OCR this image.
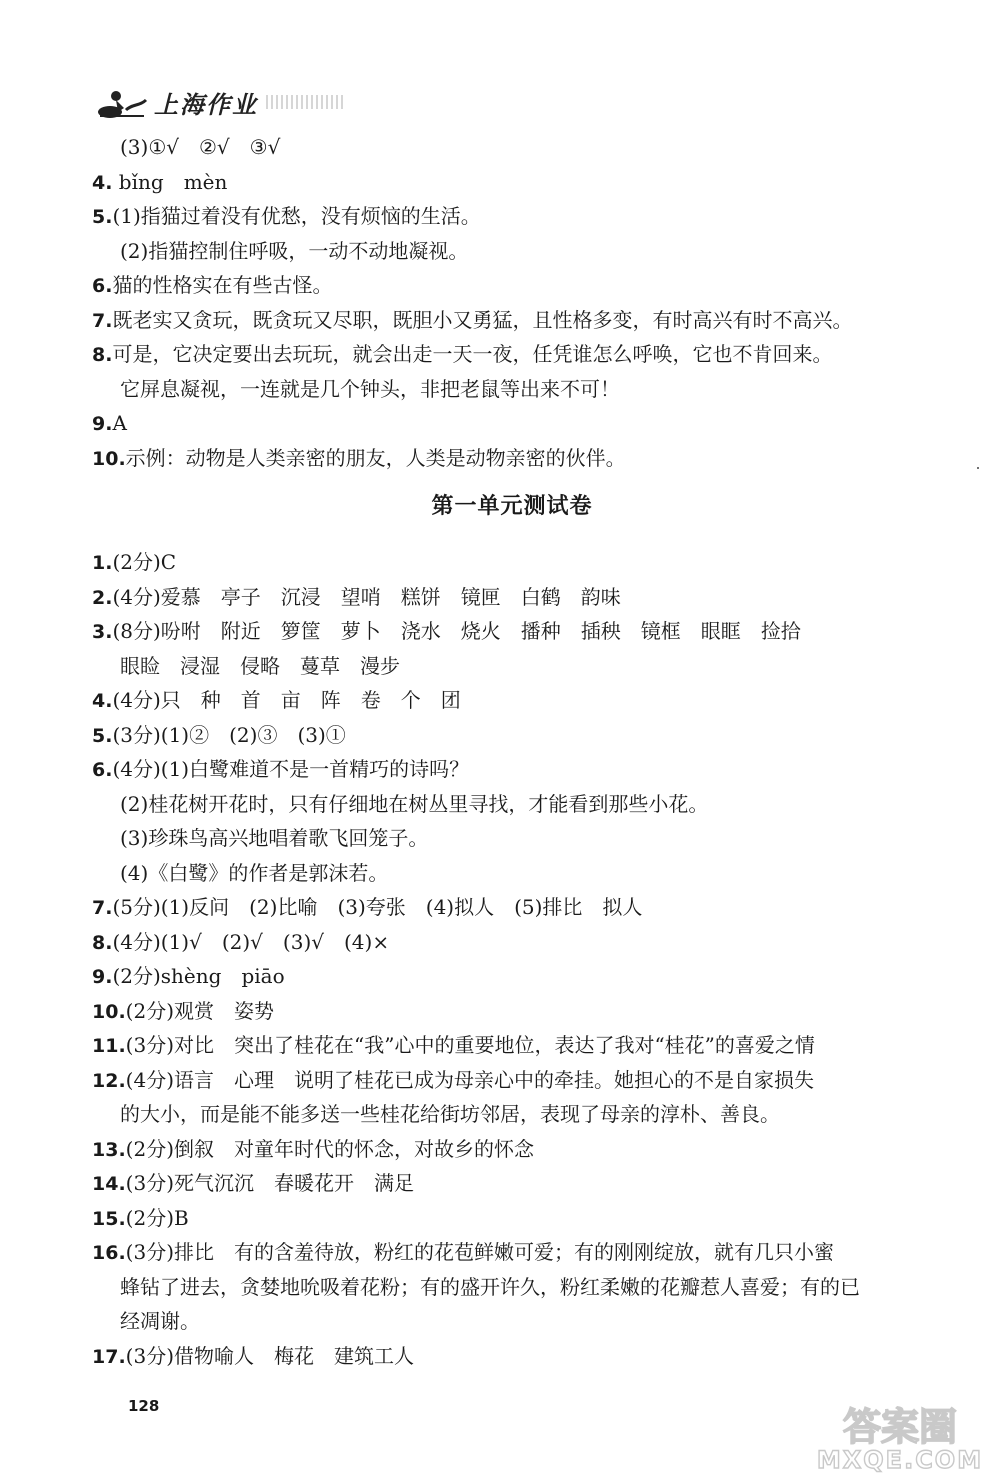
上海作业
(3)①√　②√　③√
4. bǐng　mèn
5.(1)指猫过着没有优愁，没有烦恼的生活。
(2)指猫控制住呼吸，一动不动地凝视。
6.猫的性格实在有些古怪。
7.既老实又贪玩，既贪玩又尽职，既胆小又勇猛，且性格多变，有时高兴有时不高兴。
8.可是，它决定要出去玩玩，就会出走一天一夜，任凭谁怎么呼唤，它也不肯回来。
它屏息凝视，一连就是几个钟头，非把老鼠等出来不可！
9.A
10.示例：动物是人类亲密的朋友，人类是动物亲密的伙伴。
第一单元测试卷
1.(2分)C
2.(4分)爱慕　亭子　沉浸　望哨　糕饼　镜匣　白鹤　韵味
3.(8分)吩咐　附近　箩筐　萝卜　浇水　烧火　播种　插秧　镜框　眼眶　捡拾
眼睑　浸湿　侵略　蔓草　漫步
4.(4分)只　种　首　亩　阵　卷　个　团
5.(3分)(1)②　(2)③　(3)①
6.(4分)(1)白鹭难道不是一首精巧的诗吗？
(2)桂花树开花时，只有仔细地在树丛里寻找，才能看到那些小花。
(3)珍珠鸟高兴地唱着歌飞回笼子。
(4)《白鹭》的作者是郭沫若。
7.(5分)(1)反问　(2)比喻　(3)夸张　(4)拟人　(5)排比　拟人
8.(4分)(1)√　(2)√　(3)√　(4)×
9.(2分)shèng　piāo
10.(2分)观赏　姿势
11.(3分)对比　突出了桂花在“我”心中的重要地位，表达了我对“桂花”的喜爱之情
12.(4分)语言　心理　说明了桂花已成为母亲心中的牵挂。她担心的不是自家损失
的大小，而是能不能多送一些桂花给街坊邻居，表现了母亲的淳朴、善良。
13.(2分)倒叙　对童年时代的怀念，对故乡的怀念
14.(3分)死气沉沉　春暖花开　满足
15.(2分)B
16.(3分)排比　有的含羞待放，粉红的花苞鲜嫩可爱；有的刚刚绽放，就有几只小蜜
蜂钻了进去，贪婪地吮吸着花粉；有的盛开许久，粉红柔嫩的花瓣惹人喜爱；有的已
经凋谢。
17.(3分)借物喻人　梅花　建筑工人
128	答案圈
MXQE.COM
